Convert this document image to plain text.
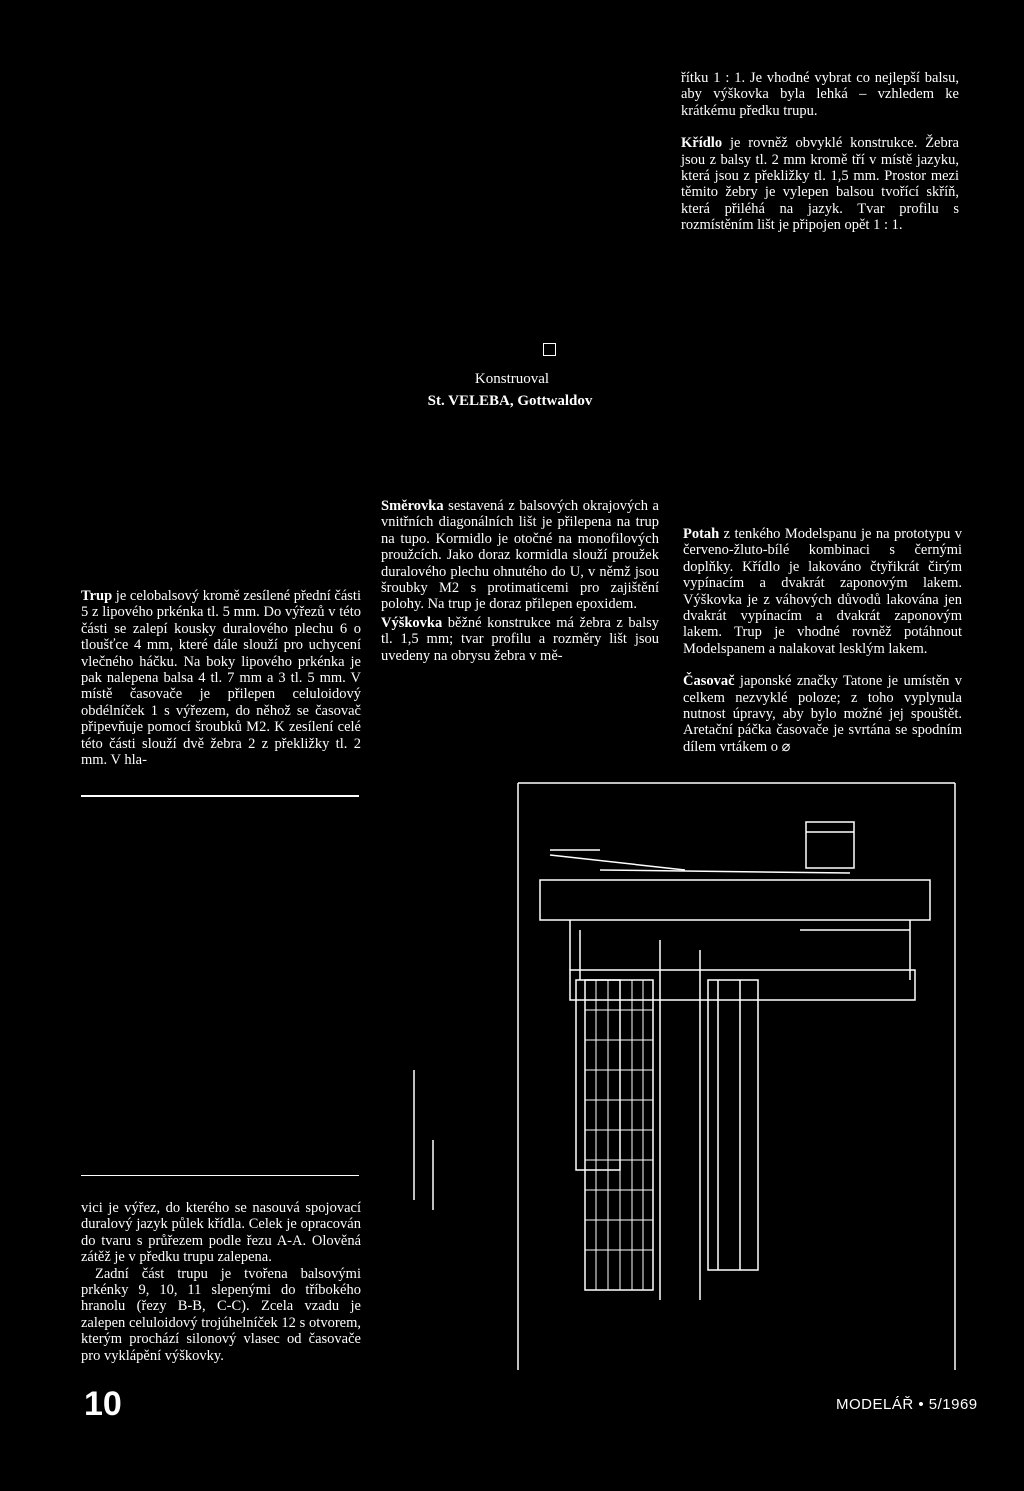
řítku 1 : 1. Je vhodné vybrat co nejlepší balsu, aby výškovka byla lehká – vzhledem ke krátkému předku trupu.

Křídlo je rovněž obvyklé konstrukce. Žebra jsou z balsy tl. 2 mm kromě tří v místě jazyku, která jsou z překližky tl. 1,5 mm. Prostor mezi těmito žebry je vylepen balsou tvořící skříň, která přiléhá na jazyk. Tvar profilu s rozmístěním lišt je připojen opět 1 : 1.

Konstruoval
St. VELEBA, Gottwaldov

Trup je celobalsový kromě zesílené přední části 5 z lipového prkénka tl. 5 mm. Do výřezů v této části se zalepí kousky duralového plechu 6 o tloušťce 4 mm, které dále slouží pro uchycení vlečného háčku. Na boky lipového prkénka je pak nalepena balsa 4 tl. 7 mm a 3 tl. 5 mm. V místě časovače je přilepen celuloidový obdélníček 1 s výřezem, do něhož se časovač připevňuje pomocí šroubků M2. K zesílení celé této části slouží dvě žebra 2 z překližky tl. 2 mm. V hla-

Směrovka sestavená z balsových okrajových a vnitřních diagonálních lišt je přilepena na trup na tupo. Kormidlo je otočné na monofilových proužcích. Jako doraz kormidla slouží proužek duralového plechu ohnutého do U, v němž jsou šroubky M2 s protimaticemi pro zajištění polohy. Na trup je doraz přilepen epoxidem.

Výškovka běžné konstrukce má žebra z balsy tl. 1,5 mm; tvar profilu a rozměry lišt jsou uvedeny na obrysu žebra v mě-

Potah z tenkého Modelspanu je na prototypu v červeno-žluto-bílé kombinaci s černými doplňky. Křídlo je lakováno čtyřikrát čirým vypínacím a dvakrát zaponovým lakem. Výškovka je z váhových důvodů lakována jen dvakrát vypínacím a dvakrát zaponovým lakem. Trup je vhodné rovněž potáhnout Modelspanem a nalakovat lesklým lakem.

Časovač japonské značky Tatone je umístěn v celkem nezvyklé poloze; z toho vyplynula nutnost úpravy, aby bylo možné jej spouštět. Aretační páčka časovače je svrtána se spodním dílem vrtákem o ⌀

vici je výřez, do kterého se nasouvá spojovací duralový jazyk půlek křídla. Celek je opracován do tvaru s průřezem podle řezu A-A. Olověná zátěž je v předku trupu zalepena.

Zadní část trupu je tvořena balsovými prkénky 9, 10, 11 slepenými do tříbokého hranolu (řezy B-B, C-C). Zcela vzadu je zalepen celuloidový trojúhelníček 12 s otvorem, kterým prochází silonový vlasec od časovače pro vyklápění výškovky.

10	MODELÁŘ • 5/1969
